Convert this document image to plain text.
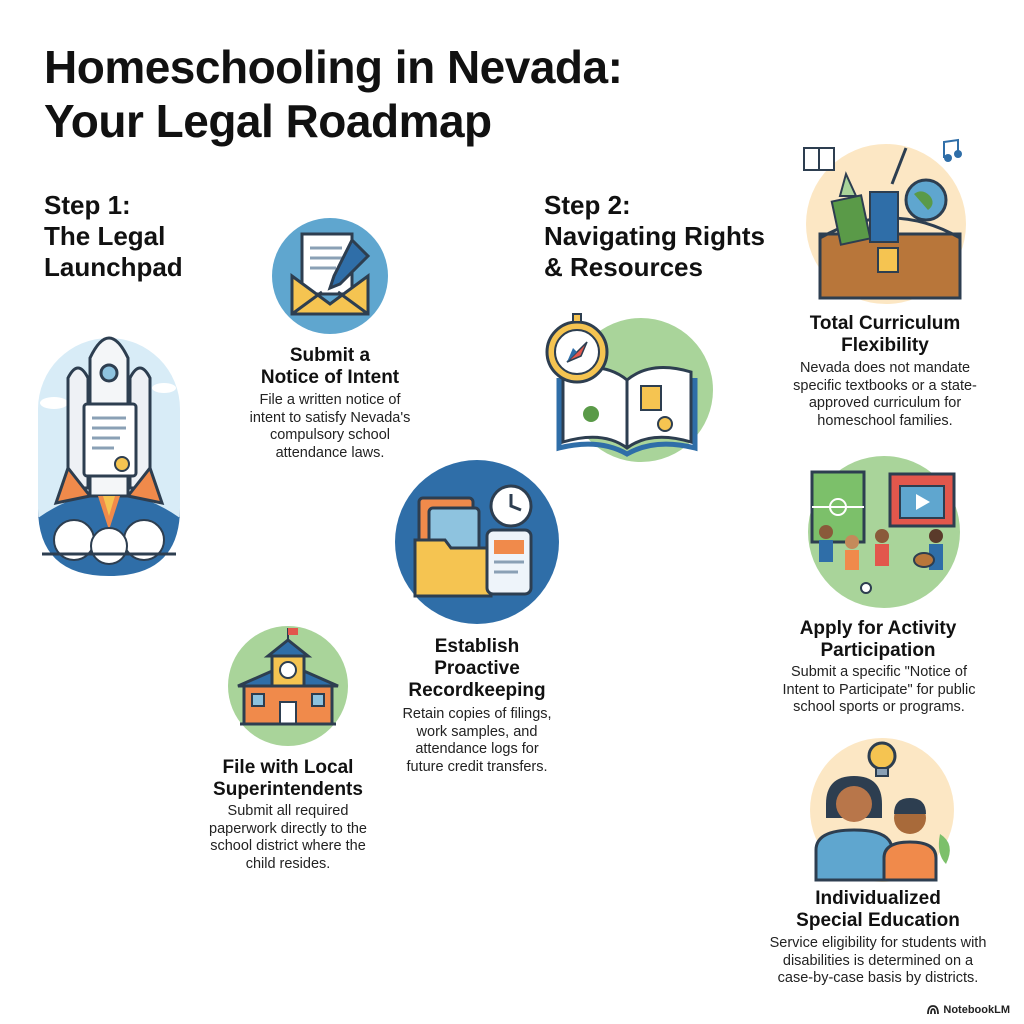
Homeschooling in Nevada:
Your Legal Roadmap
Step 1:
The Legal
Launchpad
Step 2:
Navigating Rights
& Resources
Submit a
Notice of Intent
File a written notice of
intent to satisfy Nevada's
compulsory school
attendance laws.
Establish
Proactive
Recordkeeping
Retain copies of filings,
work samples, and
attendance logs for
future credit transfers.
File with Local
Superintendents
Submit all required
paperwork directly to the
school district where the
child resides.
Total Curriculum
Flexibility
Nevada does not mandate
specific textbooks or a state-
approved curriculum for
homeschool families.
Apply for Activity
Participation
Submit a specific "Notice of
Intent to Participate" for public
school sports or programs.
Individualized
Special Education
Service eligibility for students with
disabilities is determined on a
case-by-case basis by districts.
NotebookLM
